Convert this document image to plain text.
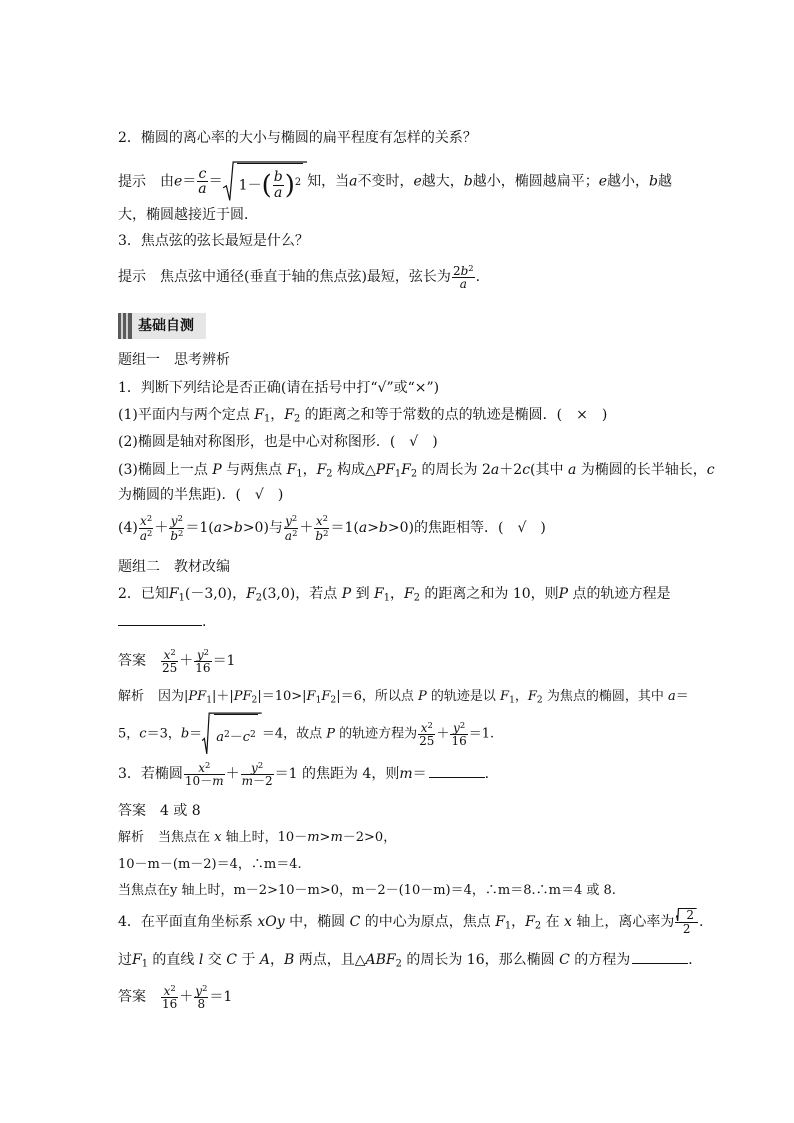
2．椭圆的离心率的大小与椭圆的扁平程度有怎样的关系？
提示 由$e= \frac{c}{a} = 1-( \frac{b}{a} )^2$ 知，当a不变时，e越大，b越小，椭圆越扁平；e越小，b越
大，椭圆越接近于圆．
3．焦点弦的弦长最短是什么？
提示 焦点弦中通径(垂直于轴的焦点弦)最短，弦长为 $\frac{2b^2}{a}$ .
基础自测
题组一　思考辨析
1．判断下列结论是否正确(请在括号中打“√”或“×”)
(1)平面内与两个定点 $F_1$，$F_2$ 的距离之和等于常数的点的轨迹是椭圆．(　×　)
(2)椭圆是轴对称图形，也是中心对称图形．(　√　)
(3)椭圆上一点 P 与两焦点 $F_1$，$F_2$ 构成$\triangle PF_1F_2$ 的周长为 2a＋2c(其中 a 为椭圆的长半轴长，c
为椭圆的半焦距)．(　√　)
$(4) \frac{x^2}{a^2} + \frac{y^2}{b^2} =1(a>b>0)$与 $\frac{y^2}{a^2} + \frac{x^2}{b^2} =1(a>b>0)$的焦距相等．(　√　)
题组二　教材改编
2．已知$F_1(-3,0)$，$F_2(3,0)$，若点 P 到 $F_1$，$F_2$ 的距离之和为 10，则P 点的轨迹方程是
.
答案 $\frac{x^2}{25} + \frac{y^2}{16} =1$
解析 因为$|PF_1|+|PF_2|=10>|F_1F_2|=6$，所以点 P 的轨迹是以 $F_1$，$F_2$ 为焦点的椭圆，其中 a＝
5，c＝3，$b= a^2-c^2 =4$，故点 P 的轨迹方程为 $\frac{x^2}{25} + \frac{y^2}{16} =1$.
3．若椭圆 $\frac{x^2}{10-m} + \frac{y^2}{m-2} =1$ 的焦距为 4，则m＝	.
答案 4 或 8
解析 当焦点在 x 轴上时，10－m>m－2>0，
10－m－(m－2)＝4，∴m＝4.
当焦点在y 轴上时，m－2>10－m>0，m－2－(10－m)＝4，∴m＝8.∴m＝4 或 8.
4．在平面直角坐标系 xOy 中，椭圆 C 的中心为原点，焦点 $F_1$，$F_2$ 在 x 轴上，离心率为 $\frac{2}{2}$ .
过$F_1$ 的直线 l 交 C 于 A，B 两点，且$\triangle ABF_2$ 的周长为 16，那么椭圆 C 的方程为	．
答案 $\frac{x^2}{16} + \frac{y^2}{8} =1$
